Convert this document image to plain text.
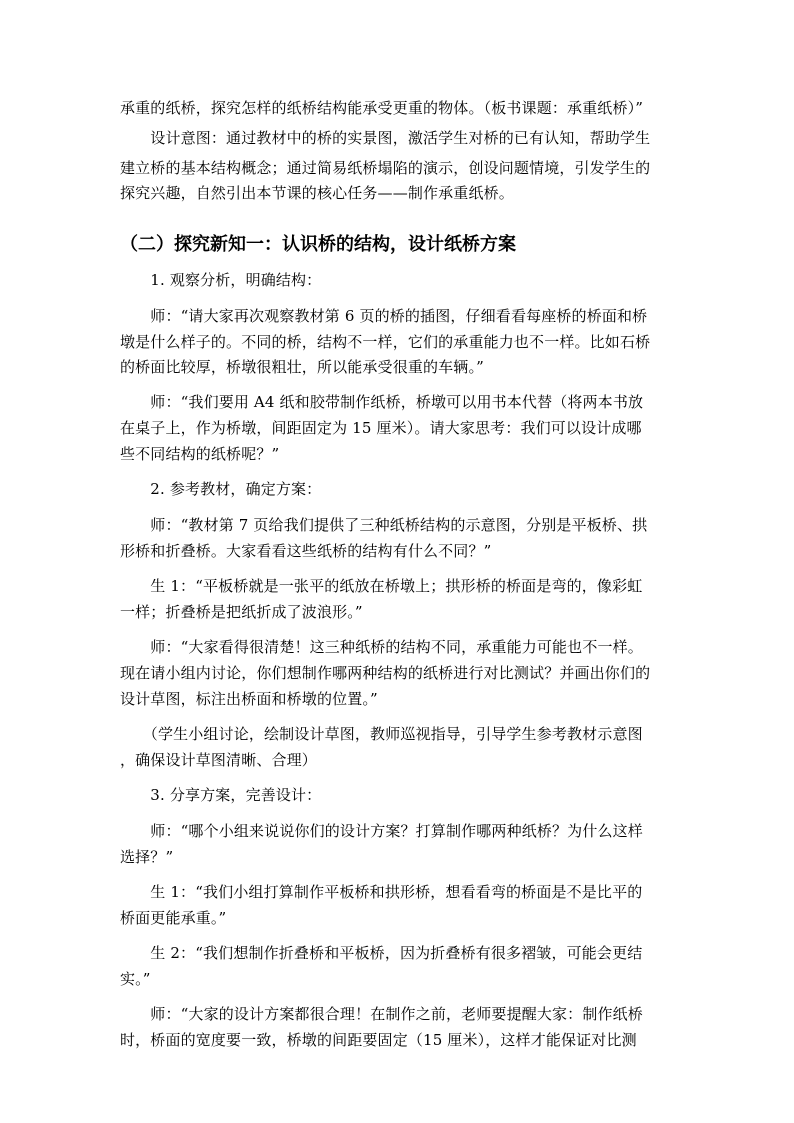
承重的纸桥，探究怎样的纸桥结构能承受更重的物体。（板书课题：承重纸桥）”
　　设计意图：通过教材中的桥的实景图，激活学生对桥的已有认知，帮助学生
建立桥的基本结构概念；通过简易纸桥塌陷的演示，创设问题情境，引发学生的
探究兴趣，自然引出本节课的核心任务——制作承重纸桥。
（二）探究新知一：认识桥的结构，设计纸桥方案
　　1. 观察分析，明确结构：
　　师：“请大家再次观察教材第 6 页的桥的插图，仔细看看每座桥的桥面和桥
墩是什么样子的。不同的桥，结构不一样，它们的承重能力也不一样。比如石桥
的桥面比较厚，桥墩很粗壮，所以能承受很重的车辆。”
　　师：“我们要用 A4 纸和胶带制作纸桥，桥墩可以用书本代替（将两本书放
在桌子上，作为桥墩，间距固定为 15 厘米）。请大家思考：我们可以设计成哪
些不同结构的纸桥呢？”
　　2. 参考教材，确定方案：
　　师：“教材第 7 页给我们提供了三种纸桥结构的示意图，分别是平板桥、拱
形桥和折叠桥。大家看看这些纸桥的结构有什么不同？”
　　生 1：“平板桥就是一张平的纸放在桥墩上；拱形桥的桥面是弯的，像彩虹
一样；折叠桥是把纸折成了波浪形。”
　　师：“大家看得很清楚！这三种纸桥的结构不同，承重能力可能也不一样。
现在请小组内讨论，你们想制作哪两种结构的纸桥进行对比测试？并画出你们的
设计草图，标注出桥面和桥墩的位置。”
　　（学生小组讨论，绘制设计草图，教师巡视指导，引导学生参考教材示意图
，确保设计草图清晰、合理）
　　3. 分享方案，完善设计：
　　师：“哪个小组来说说你们的设计方案？打算制作哪两种纸桥？为什么这样
选择？”
　　生 1：“我们小组打算制作平板桥和拱形桥，想看看弯的桥面是不是比平的
桥面更能承重。”
　　生 2：“我们想制作折叠桥和平板桥，因为折叠桥有很多褶皱，可能会更结
实。”
　　师：“大家的设计方案都很合理！在制作之前，老师要提醒大家：制作纸桥
时，桥面的宽度要一致，桥墩的间距要固定（15 厘米），这样才能保证对比测
